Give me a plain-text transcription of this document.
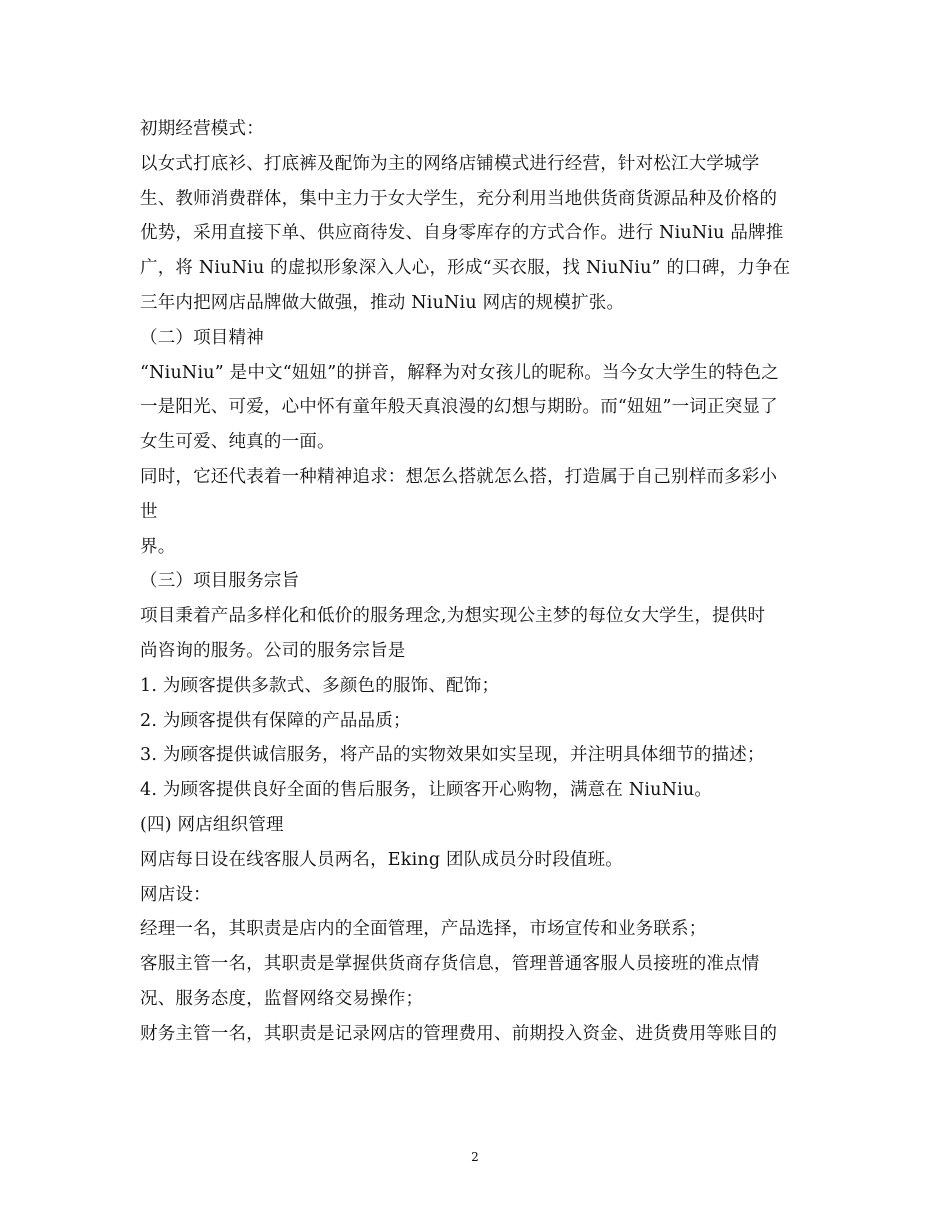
初期经营模式：
以女式打底衫、打底裤及配饰为主的网络店铺模式进行经营，针对松江大学城学
生、教师消费群体，集中主力于女大学生，充分利用当地供货商货源品种及价格的
优势，采用直接下单、供应商待发、自身零库存的方式合作。进行 NiuNiu 品牌推
广，将 NiuNiu 的虚拟形象深入人心，形成“买衣服，找 NiuNiu” 的口碑，力争在
三年内把网店品牌做大做强，推动 NiuNiu 网店的规模扩张。
（二）项目精神
“NiuNiu” 是中文“妞妞”的拼音，解释为对女孩儿的昵称。当今女大学生的特色之
一是阳光、可爱，心中怀有童年般天真浪漫的幻想与期盼。而“妞妞”一词正突显了
女生可爱、纯真的一面。
同时，它还代表着一种精神追求：想怎么搭就怎么搭，打造属于自己别样而多彩小
世
界。
（三）项目服务宗旨
项目秉着产品多样化和低价的服务理念,为想实现公主梦的每位女大学生，提供时
尚咨询的服务。公司的服务宗旨是
1. 为顾客提供多款式、多颜色的服饰、配饰；
2. 为顾客提供有保障的产品品质；
3. 为顾客提供诚信服务，将产品的实物效果如实呈现，并注明具体细节的描述；
4. 为顾客提供良好全面的售后服务，让顾客开心购物，满意在 NiuNiu。
(四) 网店组织管理
网店每日设在线客服人员两名，Eking 团队成员分时段值班。
网店设：
经理一名，其职责是店内的全面管理，产品选择，市场宣传和业务联系；
客服主管一名，其职责是掌握供货商存货信息，管理普通客服人员接班的准点情
况、服务态度，监督网络交易操作；
财务主管一名，其职责是记录网店的管理费用、前期投入资金、进货费用等账目的
2
